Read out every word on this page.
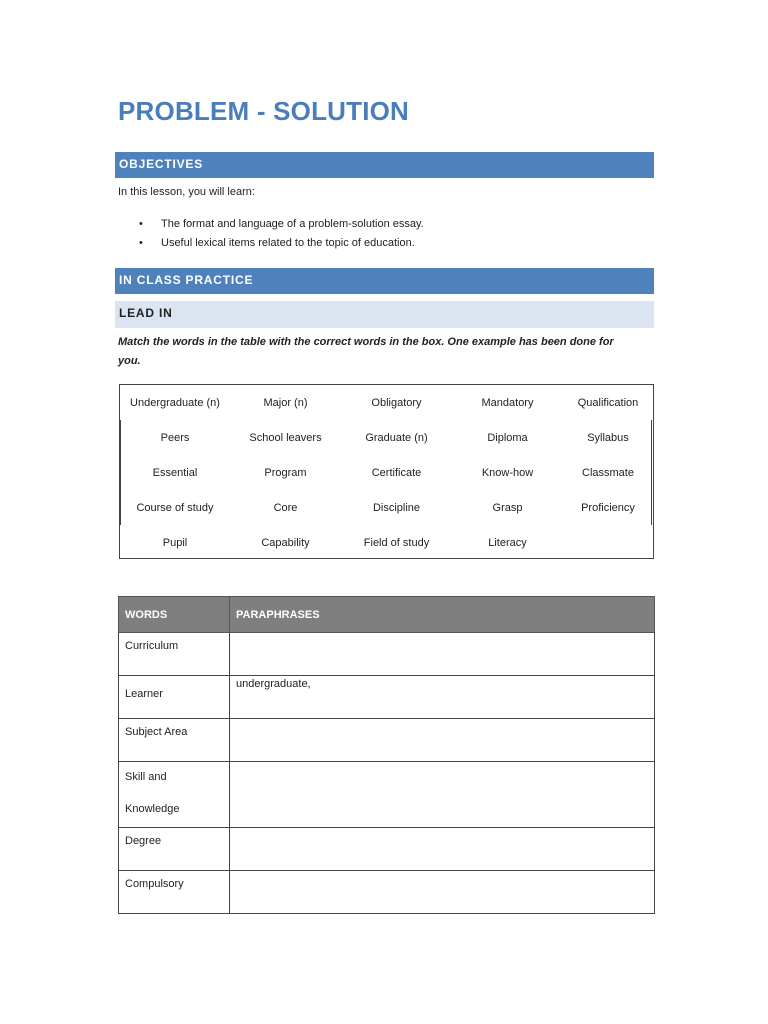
PROBLEM - SOLUTION
OBJECTIVES
In this lesson, you will learn:
• The format and language of a problem-solution essay.
• Useful lexical items related to the topic of education.
IN CLASS PRACTICE
LEAD IN
Match the words in the table with the correct words in the box. One example has been done for you.
Undergraduate (n)	Major (n)	Obligatory	Mandatory	Qualification
Peers	School leavers	Graduate (n)	Diploma	Syllabus
Essential	Program	Certificate	Know-how	Classmate
Course of study	Core	Discipline	Grasp	Proficiency
Pupil	Capability	Field of study	Literacy
WORDS	PARAPHRASES
Curriculum	
Learner	undergraduate,
Subject Area	

Skill and
Knowledge	

Degree	
Compulsory	
